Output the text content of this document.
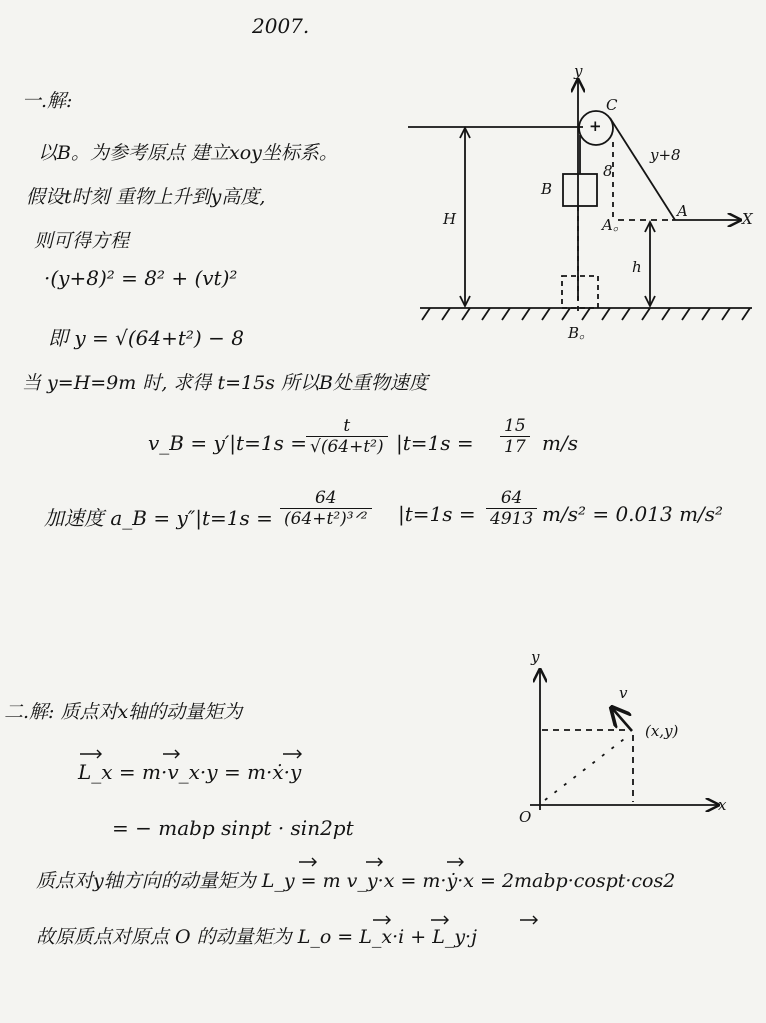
2007.
一.解:
以B。为参考原点 建立xoy坐标系。
假设t时刻 重物上升到y高度,
则可得方程
·(y+8)² = 8² + (vt)²
即 y = √(64+t²) − 8
当 y=H=9m 时, 求得 t=15s 所以B处重物速度
v_B = $y'|t=1s = \frac{t}{\text{√(64+t²)}} |t=1s = \frac{15}{17} m/s$
加速度 a_B = y″|t=1s =
64
(64+t²)³ᐟ² $|t=1s = \frac{64}{4913} m/s^2 = 0.013$ m/s²
y
C
+
y+8
B
8
A。
A	X
H
h
B。
二.解: 质点对x轴的动量矩为
L_x = m·v_x·y = m·ẋ·y
= − mabp sinpt · sin2pt
质点对y轴方向的动量矩为 L_y = m v_y·x = m·ẏ·x = 2mabp·cospt·cos2
故原质点对原点 O 的动量矩为 L_o = L_x·i + L_y·j
y
x
O
v
(x,y)
